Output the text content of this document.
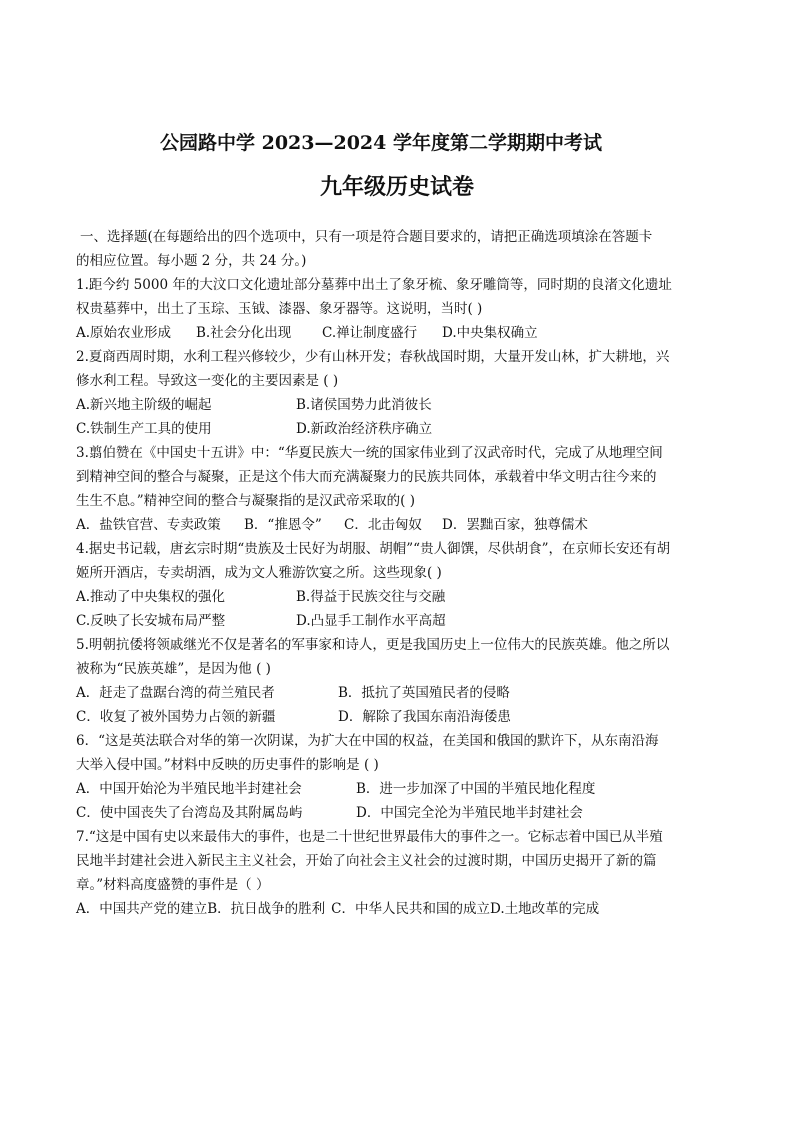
公园路中学 2023—2024 学年度第二学期期中考试
九年级历史试卷
一、选择题(在每题给出的四个选项中，只有一项是符合题目要求的，请把正确选项填涂在答题卡
的相应位置。每小题 2 分，共 24 分。)
1.距今约 5000 年的大汶口文化遗址部分墓葬中出土了象牙梳、象牙雕筒等，同时期的良渚文化遗址
权贵墓葬中，出土了玉琮、玉钺、漆器、象牙器等。这说明，当时( )
A.原始农业形成	B.社会分化出现	C.禅让制度盛行	D.中央集权确立
2.夏商西周时期，水利工程兴修较少，少有山林开发；春秋战国时期，大量开发山林，扩大耕地，兴
修水利工程。导致这一变化的主要因素是 ( )
A.新兴地主阶级的崛起	B.诸侯国势力此消彼长
C.铁制生产工具的使用	D.新政治经济秩序确立
3.翦伯赞在《中国史十五讲》中：“华夏民族大一统的国家伟业到了汉武帝时代，完成了从地理空间
到精神空间的整合与凝聚，正是这个伟大而充满凝聚力的民族共同体，承载着中华文明古往今来的
生生不息。”精神空间的整合与凝聚指的是汉武帝采取的( )
A．盐铁官营、专卖政策	B．“推恩令”	C．北击匈奴	D．罢黜百家，独尊儒术
4.据史书记载，唐玄宗时期“贵族及士民好为胡服、胡帽”“贵人御馔，尽供胡食”，在京师长安还有胡
姬所开酒店，专卖胡酒，成为文人雅游饮宴之所。这些现象( )
A.推动了中央集权的强化	B.得益于民族交往与交融
C.反映了长安城布局严整	D.凸显手工制作水平高超
5.明朝抗倭将领戚继光不仅是著名的军事家和诗人，更是我国历史上一位伟大的民族英雄。他之所以
被称为“民族英雄”，是因为他 ( )
A．赶走了盘踞台湾的荷兰殖民者	B．抵抗了英国殖民者的侵略
C．收复了被外国势力占领的新疆	D．解除了我国东南沿海倭患
6．“这是英法联合对华的第一次阴谋，为扩大在中国的权益，在美国和俄国的默许下，从东南沿海
大举入侵中国。”材料中反映的历史事件的影响是 ( )
A．中国开始沦为半殖民地半封建社会	B．进一步加深了中国的半殖民地化程度
C．使中国丧失了台湾岛及其附属岛屿	D．中国完全沦为半殖民地半封建社会
7.“这是中国有史以来最伟大的事件，也是二十世纪世界最伟大的事件之一。它标志着中国已从半殖
民地半封建社会进入新民主主义社会，开始了向社会主义社会的过渡时期，中国历史揭开了新的篇
章。”材料高度盛赞的事件是（ ）
A．中国共产党的建立 B．抗日战争的胜利 C．中华人民共和国的成立 D.土地改革的完成
